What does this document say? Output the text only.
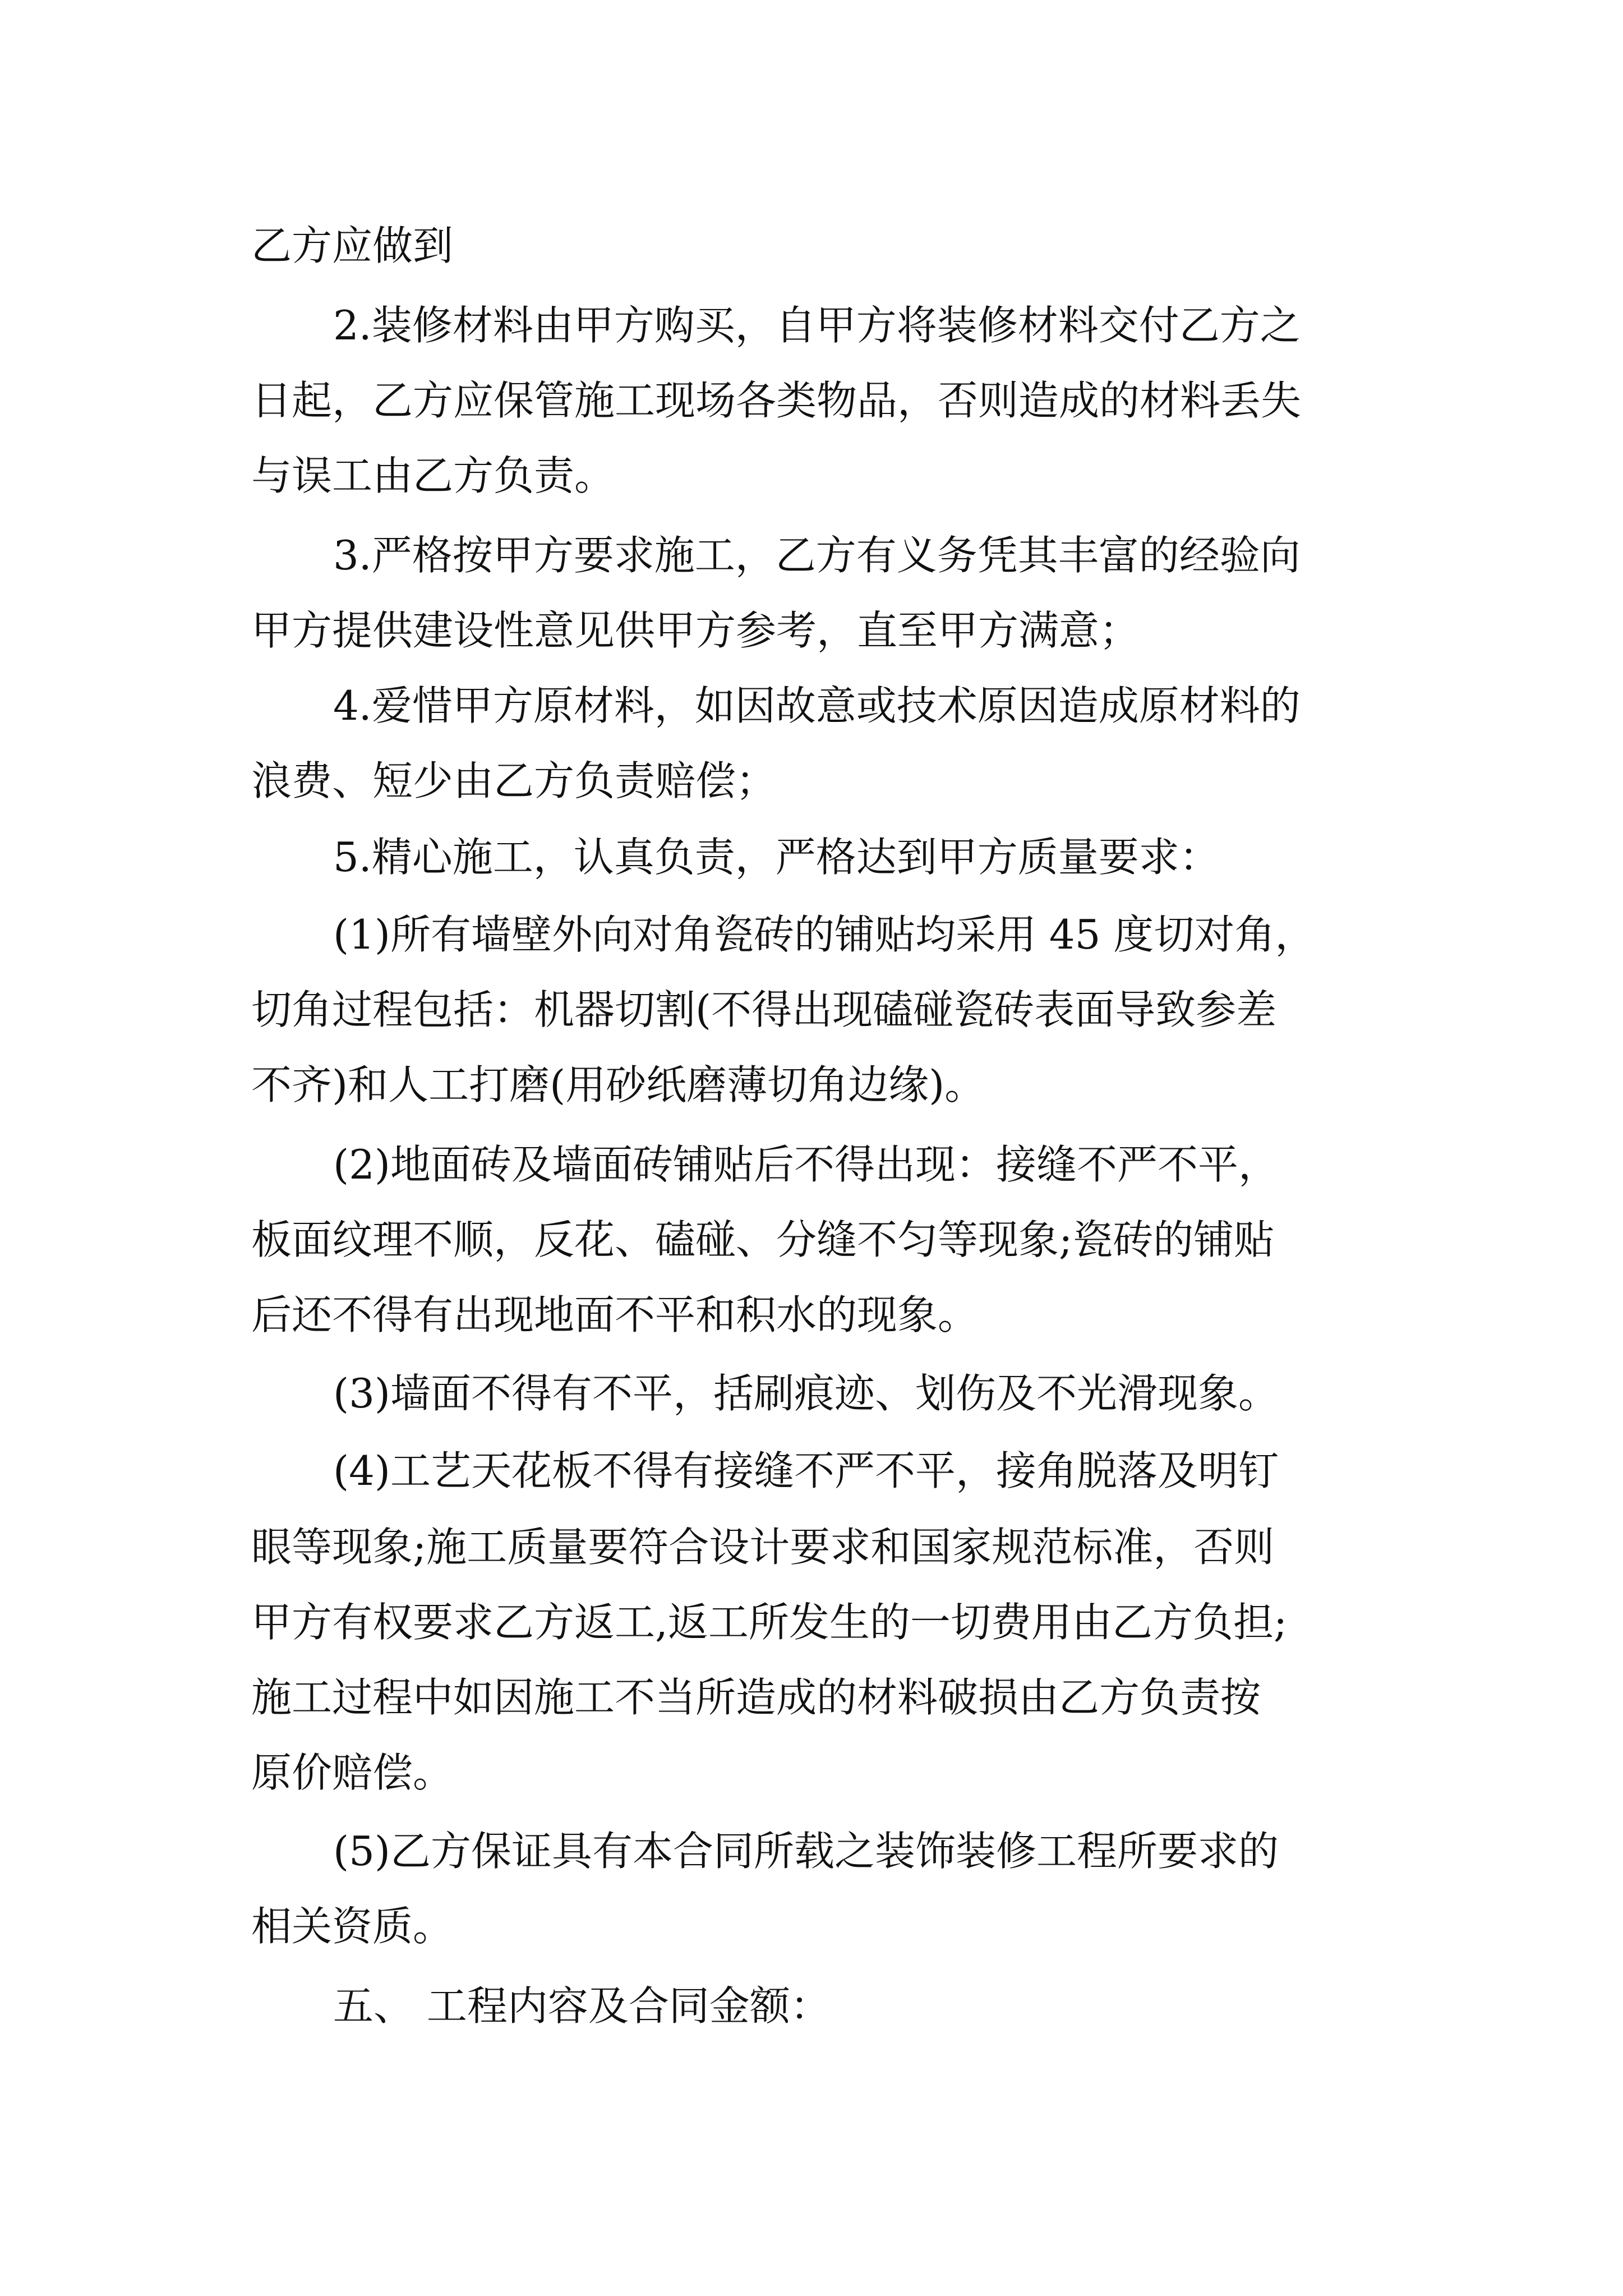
乙方应做到
2.装修材料由甲方购买，自甲方将装修材料交付乙方之
日起，乙方应保管施工现场各类物品，否则造成的材料丢失
与误工由乙方负责。
3.严格按甲方要求施工，乙方有义务凭其丰富的经验向
甲方提供建设性意见供甲方参考，直至甲方满意；
4.爱惜甲方原材料，如因故意或技术原因造成原材料的
浪费、短少由乙方负责赔偿；
5.精心施工，认真负责，严格达到甲方质量要求：
(1)所有墙壁外向对角瓷砖的铺贴均采用 45 度切对角，
切角过程包括：机器切割(不得出现磕碰瓷砖表面导致参差
不齐)和人工打磨(用砂纸磨薄切角边缘)。
(2)地面砖及墙面砖铺贴后不得出现：接缝不严不平，
板面纹理不顺，反花、磕碰、分缝不匀等现象;瓷砖的铺贴
后还不得有出现地面不平和积水的现象。
(3)墙面不得有不平，括刷痕迹、划伤及不光滑现象。
(4)工艺天花板不得有接缝不严不平，接角脱落及明钉
眼等现象;施工质量要符合设计要求和国家规范标准，否则
甲方有权要求乙方返工,返工所发生的一切费用由乙方负担;
施工过程中如因施工不当所造成的材料破损由乙方负责按
原价赔偿。
(5)乙方保证具有本合同所载之装饰装修工程所要求的
相关资质。
五、 工程内容及合同金额：
